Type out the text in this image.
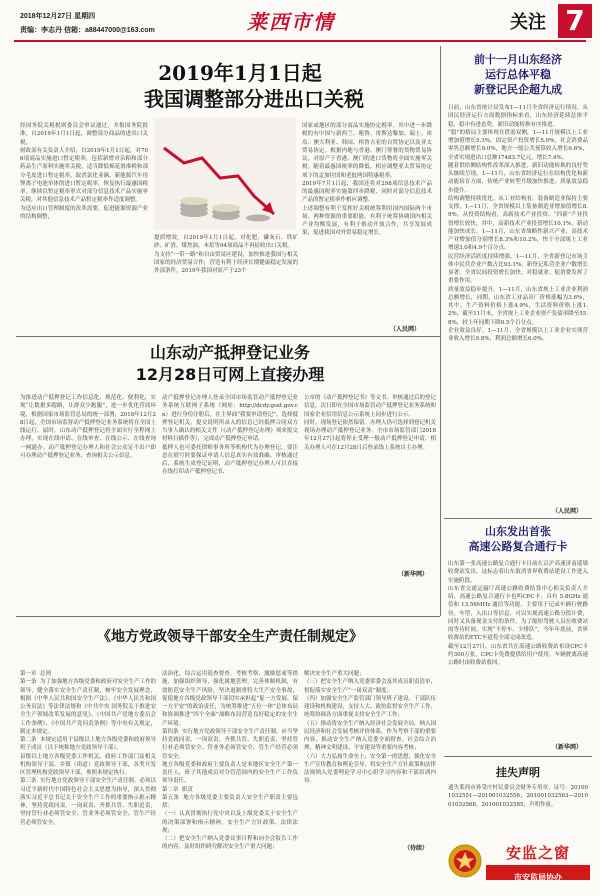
2018年12月27日 星期四
责编：李志丹 信箱：a88447000@163.com	莱西市情	关注 7
2019年1月1日起
我国调整部分进出口关税
经国务院关税税则委员会审议通过，并报国务院批准，自2019年1月1日起，调整部分商品的进出口关税。
财政部有关负责人介绍，自2019年1月1日起，对706项商品实施进口暂定税率，包括新增对杂粕和部分药品生产原料实施零关税，适当降低棉花滑准税和部分毛皮进口暂定税率，取消氯化亚砜、新能源汽车用锂离子电池单体的进口暂定税率，恢复执行最惠国税率。继续以暂定税率形式对部分信息技术产品实施零关税，对其他信息技术产品暂定税率作适度调整。
为适应出口管理制度的改革需要，促进能源资源产业的结构调整，
提质增效，自2019年1月1日起，对化肥、磷灰石、铁矿砂、矿渣、煤焦油、木浆等94项商品不再征收出口关税。
为支持“一带一路”和自由贸易区建设，加快推进我国与相关国家的经济贸易合作，营造有利于经济长期健康稳定发展的外部条件，2019年我国对原产于23个
国家或地区的部分商品实施协定税率。其中进一步降税的有中国与新西兰、秘鲁、哥斯达黎加、瑞士、冰岛、澳大利亚、韩国、格鲁吉亚的自贸协定以及亚太贸易协定。根据内地与香港、澳门签署的货物贸易协议，对原产于香港、澳门的进口货物将全面实施零关税。随着最惠国税率的降低，相应调整亚太贸易协定项下的孟加拉国和老挝两国特惠税率。
2019年7月1日起，我国还将对298项信息技术产品的最惠国税率实施第四步降税，同时对部分信息技术产品的暂定税率作相应调整。
上述调整有利于发挥好关税统筹利用国内国际两个市场、两种资源的重要职能，有利于统筹协调国内相关产业均衡发展，有利于推动开放合作，共享发展成果，促进我国对外贸易稳定增长。
（人民网）
山东动产抵押登记业务
12月28日可网上直接办理
为推进动产抵押登记工作信息化、规范化、便利化，实现“让数据多跑路，让群众少跑腿”，进一步优化营商环境，根据国家市场监管总局的统一部署，2018年12月28日起，全国市场监督动产抵押登记业务系统将在全国上线运行。届时，山东动产抵押登记将全面实行全程网上办理，实现在线申请、在线审查、在线公示、在线查询一网通办。动产抵押登记办理人和社会公众足不出户即可办理动产抵押登记业务、查询相关公示信息。
动产抵押登记办理人登录全国市场监管动产抵押登记业务系统互联网子系统（网址：http://dcdy.gsxt.gov.cn）进行身份注册后，在主界面“我要申请登记”，选择抵押登记机关，提交说明所录入的信息已经抵押合同双方当事人确认的相关文件（《动产抵押登记办理》须来报交材料扫描件等），完成动产抵押登记申请。
抵押人也可委托律师事务所等机构代为办理登记，要注意在填写时要保证申请人信息真实有效准确。审核通过后，系统生成登记证明，动产抵押登记办理人可以直接在线打印动产抵押登记书、
公章的《动产抵押登记书》等文书。审核通过后的登记信息，次日即在全国市场监管动产抵押登记业务系统和国家企业信用信息公示系统上同步进行公示。
同时，现场登记依然保留。办理人仍可选择到登记机关现场办理动产抵押登记业务。全市市场监管部门2018年12月27日起将停止受理一般动产抵押登记申请，相关办理人可在12月28日后登录线上系统自主办理。
（新华网）
《地方党政领导干部安全生产责任制规定》
第一章  总则
第一条  为了加强地方各级党委和政府对安全生产工作的领导，健全落实安全生产责任制，树牢安全发展理念，根据《中华人民共和国安全生产法》、《中华人民共和国公务员法》等法律法规和《中共中央 国务院关于推进安全生产领域改革发展的意见》、《中国共产党地方委员会工作条例》、《中国共产党问责条例》等中央有关规定，制定本规定。
第二条  本规定适用于县级以上地方各级党委和政府领导班子成员（以下统称地方党政领导干部）。
县级以上地方各级党委工作机关、政府工作部门及相关机构领导干部，乡镇（街道）党政领导干部，各类开发区管理机构党政领导干部，参照本规定执行。
第三条  实行地方党政领导干部安全生产责任制，必须以习近平新时代中国特色社会主义思想为指导，深入贯彻落实习近平总书记关于安全生产工作的重要指示批示精神，坚持党政同责、一岗双责、齐抓共管、失职追责，坚持管行业必须管安全、管业务必须管安全、管生产经营必须管安全。
法治化，综合运用巡查督查、考核考察、激励惩戒等措施，加强组织领导，强化属地管理，完善体制机制，有效防范安全生产风险，坚决遏制重特大生产安全事故，促使地方各级党政领导干部切实承担起“促一方发展、保一方平安”的政治责任，为统筹推进“五位一体”总体布局和协调推进“四个全面”战略布局营造良好稳定的安全生产环境。
第四条  实行地方党政领导干部安全生产责任制，应当坚持党政同责、一岗双责、齐抓共管、失职追责，坚持管行业必须管安全、管业务必须管安全、管生产经营必须管安全。
地方各级党委和政府主要负责人是本地区安全生产第一责任人，班子其他成员对分管范围内的安全生产工作负领导责任。
第二章  职责
第五条  地方各级党委主要负责人安全生产职责主要包括：
（一）认真贯彻执行党中央以及上级党委关于安全生产的决策部署和指示精神，安全生产方针政策、法律法规；
（二）把安全生产纳入党委议事日程和向全会报告工作的内容，及时组织研究解决安全生产重大问题；
解决安全生产重大问题；
（三）把安全生产纳入党委常委会及其成员职责清单，督促落实安全生产“一岗双责”制度；
（四）加强安全生产监管部门领导班子建设、干部队伍建设和机构建设，支持人大、政协监督安全生产工作，统筹协调各方面重视支持安全生产工作；
（五）推动将安全生产纳入经济社会发展全局，纳入国民经济和社会发展考核评价体系，作为考察干部的重要内容，推动安全生产纳入党委全面督查、社会综合治理、精神文明建设、平安建设等重要内容考核；
（六）大力弘扬生命至上、安全第一的思想，强化安全生产宣传教育和舆论引导，将安全生产方针政策和法律法规纳入党委理论学习中心组学习内容和干部培训内容。
（待续）
前十一月山东经济
运行总体平稳
新登记民企超九成
日前，山东省统计局发布1—11月全省经济运行情况。从国民经济运行方面数据指标来看，山东经济延续总体平稳、稳中有进态势，新旧动能转换有序推进。
“稳”的格局主要体现在供需双侧，1—11月规模以上工业增加值增长5.3%，固定资产投资增长5.0%，社会消费品零售总额增长9.0%，地方一般公共预算收入增长6.6%，全省实现进出口总额17483.7亿元，增长7.4%。
随着供给侧结构性改革深入推进，新旧动能转换的良好势头继续呈现，1—11月，山东省经济运行在结构优化和新动能培育方面，传统产业转型升级加快推进、质量效益稳步提升。
结构调整持续优化。从工业结构看，装备制造业保持主要支撑，1—11月，全省规模以上装备制造业增加值增长8.9%。从投资结构看，高新技术产业投资、“四新”产业投资增长较快，其中，高新技术产业投资增长10.1%，新动能加快成长。1—11月，山东省战略性新兴产业、高技术产业增加值分别增长8.3%和10.2%，快于全部规上工业增速3.0和4.9个百分点。
民营经济活跃度持续增强。1—11月，全省新登记市场主体中民营企业户数占比93.1%，新登记私营企业户数增长显著，全省民间投资增长加快，对稳就业、促消费发挥了重要作用。
质量效益稳步提升。1—11月，山东省规上工业企业利润总额增长，同期，山东省工业品出厂价格涨幅为3.6%，其中，生产资料价格上涨4.9%，生活资料价格上涨1.2%。截至11月末，全省规上工业企业资产负债率降至55.8%，较上年同期下降0.5个百分点。
企业效益良好。1—11月，全省规模以上工业企业实现营业收入增长9.8%，利润总额增长6.0%。
（人民网）
山东发出首张
高速公路复合通行卡
山东第一张高速公路复合通行卡日前在京沪高速济南遥墙收费站发出，这标志着山东取消省界收费站建设工作进入实施阶段。
山东省交通运输厅高速公路收费结算中心相关负责人介绍，高速公路复合通行卡也叫CPC卡，具有 5.8GHz 通信和 13.56MHz 通信等功能，主要用于记录车辆行驶路径、车型、入出口等信息，可以实现高速公路分段计费，同时又具备现金支付的条件。为了缩短驾驶人员在收费站的等待时间，实现“不停车、少排队”，今年年底前，省界收费站的ETC车道将全部完成改造。
截至12月27日，山东省共在高速公路收费站布设CPC卡约300万张。CPC卡免费提供给用户使用，车辆驶离高速公路时由收费站收回。
（新华网）
挂失声明
遗失莱西市孙受庄村民委员会财务专用章，证号：201001032551—201001032556，201001032563—201001032568，201001032585，声明作废。
安监之窗
市安监局协办
